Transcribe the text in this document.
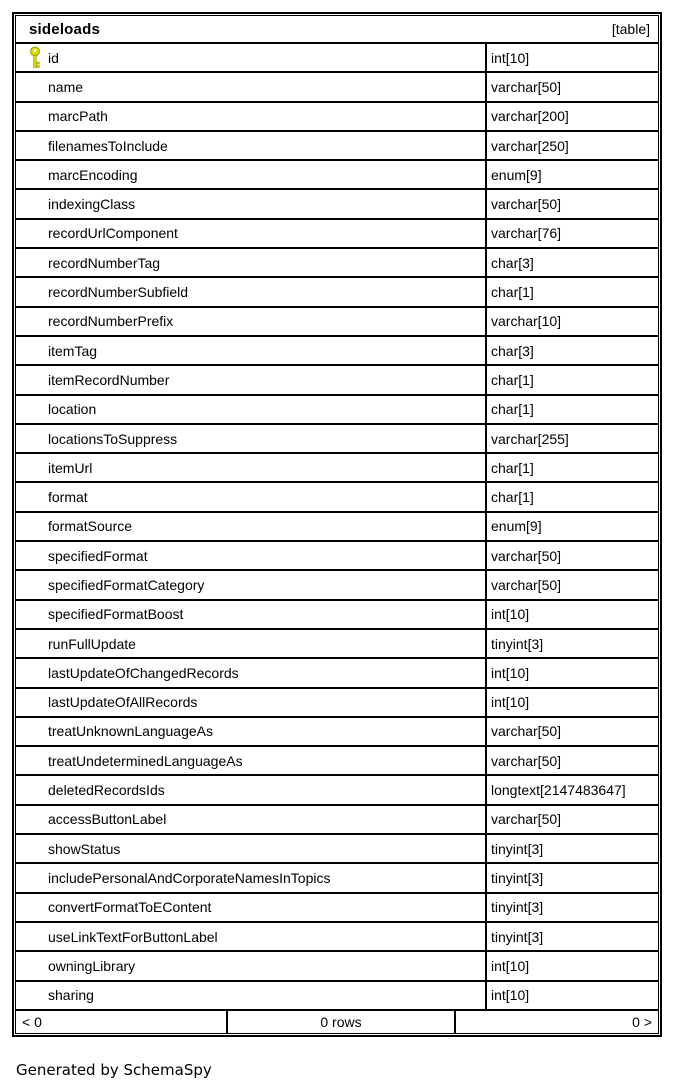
sideloads	[table]
id	int[10]
name	varchar[50]
marcPath	varchar[200]
filenamesToInclude	varchar[250]
marcEncoding	enum[9]
indexingClass	varchar[50]
recordUrlComponent	varchar[76]
recordNumberTag	char[3]
recordNumberSubfield	char[1]
recordNumberPrefix	varchar[10]
itemTag	char[3]
itemRecordNumber	char[1]
location	char[1]
locationsToSuppress	varchar[255]
itemUrl	char[1]
format	char[1]
formatSource	enum[9]
specifiedFormat	varchar[50]
specifiedFormatCategory	varchar[50]
specifiedFormatBoost	int[10]
runFullUpdate	tinyint[3]
lastUpdateOfChangedRecords	int[10]
lastUpdateOfAllRecords	int[10]
treatUnknownLanguageAs	varchar[50]
treatUndeterminedLanguageAs	varchar[50]
deletedRecordsIds	longtext[2147483647]
accessButtonLabel	varchar[50]
showStatus	tinyint[3]
includePersonalAndCorporateNamesInTopics	tinyint[3]
convertFormatToEContent	tinyint[3]
useLinkTextForButtonLabel	tinyint[3]
owningLibrary	int[10]
sharing	int[10]
< 0	0 rows	0 >
Generated by SchemaSpy
